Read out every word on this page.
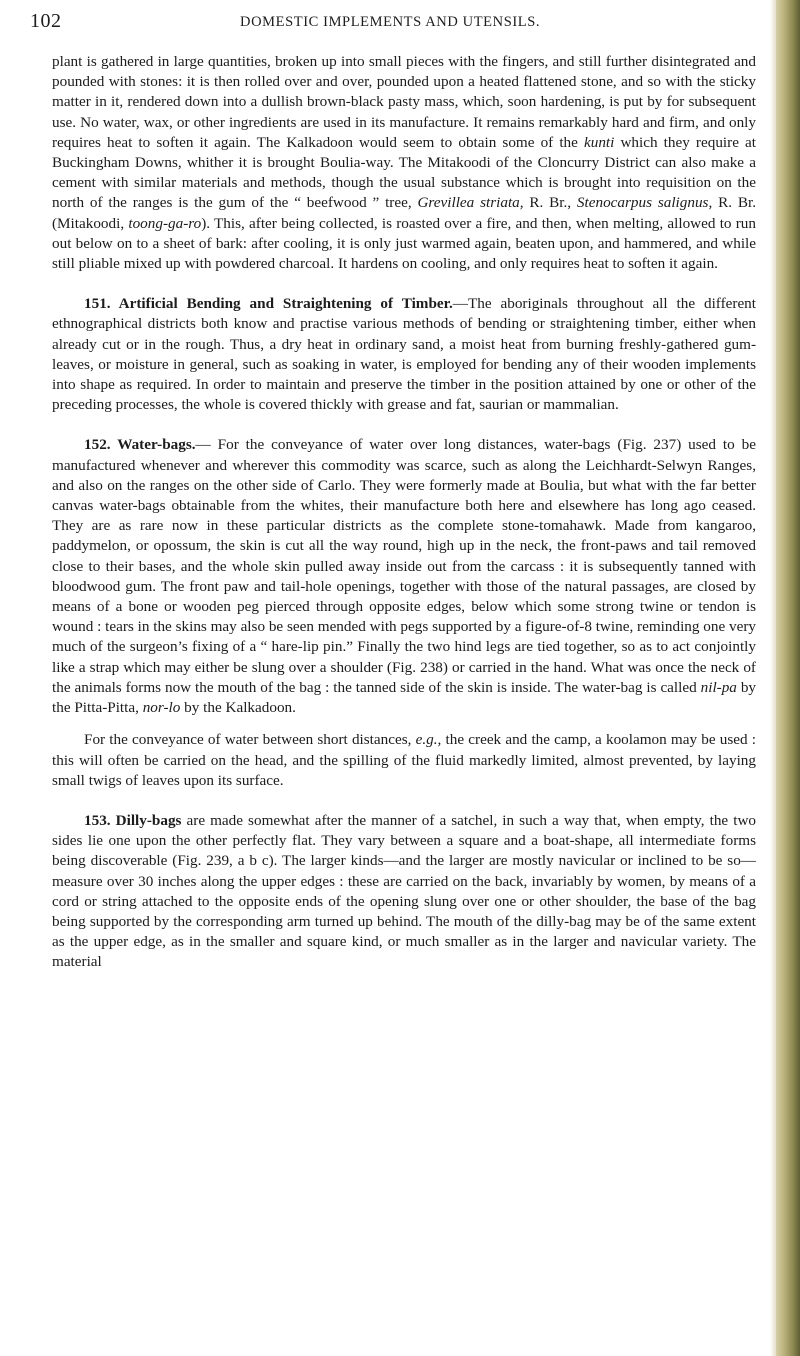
102	DOMESTIC IMPLEMENTS AND UTENSILS.

plant is gathered in large quantities, broken up into small pieces with the fingers, and still further disintegrated and pounded with stones: it is then rolled over and over, pounded upon a heated flattened stone, and so with the sticky matter in it, rendered down into a dullish brown-black pasty mass, which, soon hardening, is put by for subsequent use. No water, wax, or other ingredients are used in its manufacture. It remains remarkably hard and firm, and only requires heat to soften it again. The Kalkadoon would seem to obtain some of the kunti which they require at Buckingham Downs, whither it is brought Boulia-way. The Mitakoodi of the Cloncurry District can also make a cement with similar materials and methods, though the usual substance which is brought into requisition on the north of the ranges is the gum of the “ beefwood ” tree, Grevillea striata, R. Br., Stenocarpus salignus, R. Br. (Mitakoodi, toong-ga-ro). This, after being collected, is roasted over a fire, and then, when melting, allowed to run out below on to a sheet of bark: after cooling, it is only just warmed again, beaten upon, and hammered, and while still pliable mixed up with powdered charcoal. It hardens on cooling, and only requires heat to soften it again.

151. Artificial Bending and Straightening of Timber.—The aboriginals throughout all the different ethnographical districts both know and practise various methods of bending or straightening timber, either when already cut or in the rough. Thus, a dry heat in ordinary sand, a moist heat from burning freshly-gathered gum-leaves, or moisture in general, such as soaking in water, is employed for bending any of their wooden implements into shape as required. In order to maintain and preserve the timber in the position attained by one or other of the preceding processes, the whole is covered thickly with grease and fat, saurian or mammalian.

152. Water-bags.— For the conveyance of water over long distances, water-bags (Fig. 237) used to be manufactured whenever and wherever this commodity was scarce, such as along the Leichhardt-Selwyn Ranges, and also on the ranges on the other side of Carlo. They were formerly made at Boulia, but what with the far better canvas water-bags obtainable from the whites, their manufacture both here and elsewhere has long ago ceased. They are as rare now in these particular districts as the complete stone-tomahawk. Made from kangaroo, paddymelon, or opossum, the skin is cut all the way round, high up in the neck, the front-paws and tail removed close to their bases, and the whole skin pulled away inside out from the carcass : it is subsequently tanned with bloodwood gum. The front paw and tail-hole openings, together with those of the natural passages, are closed by means of a bone or wooden peg pierced through opposite edges, below which some strong twine or tendon is wound : tears in the skins may also be seen mended with pegs supported by a figure-of-8 twine, reminding one very much of the surgeon’s fixing of a “ hare-lip pin.” Finally the two hind legs are tied together, so as to act conjointly like a strap which may either be slung over a shoulder (Fig. 238) or carried in the hand. What was once the neck of the animals forms now the mouth of the bag : the tanned side of the skin is inside. The water-bag is called nil-pa by the Pitta-Pitta, nor-lo by the Kalkadoon.

For the conveyance of water between short distances, e.g., the creek and the camp, a koolamon may be used : this will often be carried on the head, and the spilling of the fluid markedly limited, almost prevented, by laying small twigs of leaves upon its surface.

153. Dilly-bags are made somewhat after the manner of a satchel, in such a way that, when empty, the two sides lie one upon the other perfectly flat. They vary between a square and a boat-shape, all intermediate forms being discoverable (Fig. 239, a b c). The larger kinds—and the larger are mostly navicular or inclined to be so—measure over 30 inches along the upper edges : these are carried on the back, invariably by women, by means of a cord or string attached to the opposite ends of the opening slung over one or other shoulder, the base of the bag being supported by the corresponding arm turned up behind. The mouth of the dilly-bag may be of the same extent as the upper edge, as in the smaller and square kind, or much smaller as in the larger and navicular variety. The material
